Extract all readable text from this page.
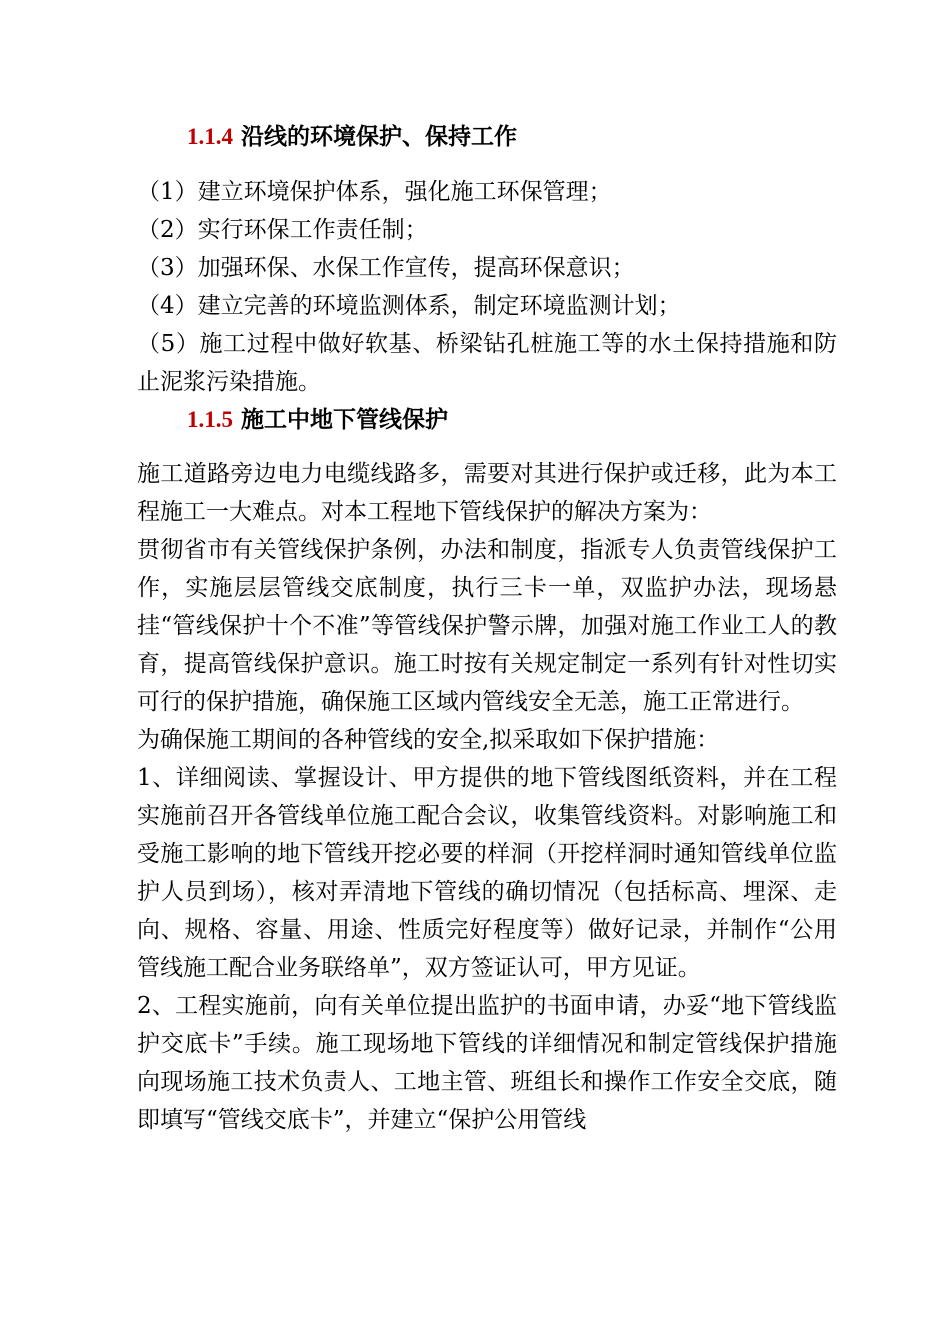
1.1.4 沿线的环境保护、保持工作
（1）建立环境保护体系，强化施工环保管理；
（2）实行环保工作责任制；
（3）加强环保、水保工作宣传，提高环保意识；
（4）建立完善的环境监测体系，制定环境监测计划；

（5）施工过程中做好软基、桥梁钻孔桩施工等的水土保持措施和防止泥浆污染措施。

1.1.5 施工中地下管线保护

施工道路旁边电力电缆线路多，需要对其进行保护或迁移，此为本工程施工一大难点。对本工程地下管线保护的解决方案为：

贯彻省市有关管线保护条例，办法和制度，指派专人负责管线保护工作，实施层层管线交底制度，执行三卡一单，双监护办法，现场悬挂“管线保护十个不准”等管线保护警示牌，加强对施工作业工人的教育，提高管线保护意识。施工时按有关规定制定一系列有针对性切实可行的保护措施，确保施工区域内管线安全无恙，施工正常进行。

为确保施工期间的各种管线的安全,拟采取如下保护措施：

1、详细阅读、掌握设计、甲方提供的地下管线图纸资料，并在工程实施前召开各管线单位施工配合会议，收集管线资料。对影响施工和受施工影响的地下管线开挖必要的样洞（开挖样洞时通知管线单位监护人员到场），核对弄清地下管线的确切情况（包括标高、埋深、走向、规格、容量、用途、性质完好程度等）做好记录，并制作“公用管线施工配合业务联络单”，双方签证认可，甲方见证。

2、工程实施前，向有关单位提出监护的书面申请，办妥“地下管线监护交底卡”手续。施工现场地下管线的详细情况和制定管线保护措施向现场施工技术负责人、工地主管、班组长和操作工作安全交底，随即填写“管线交底卡”，并建立“保护公用管线
